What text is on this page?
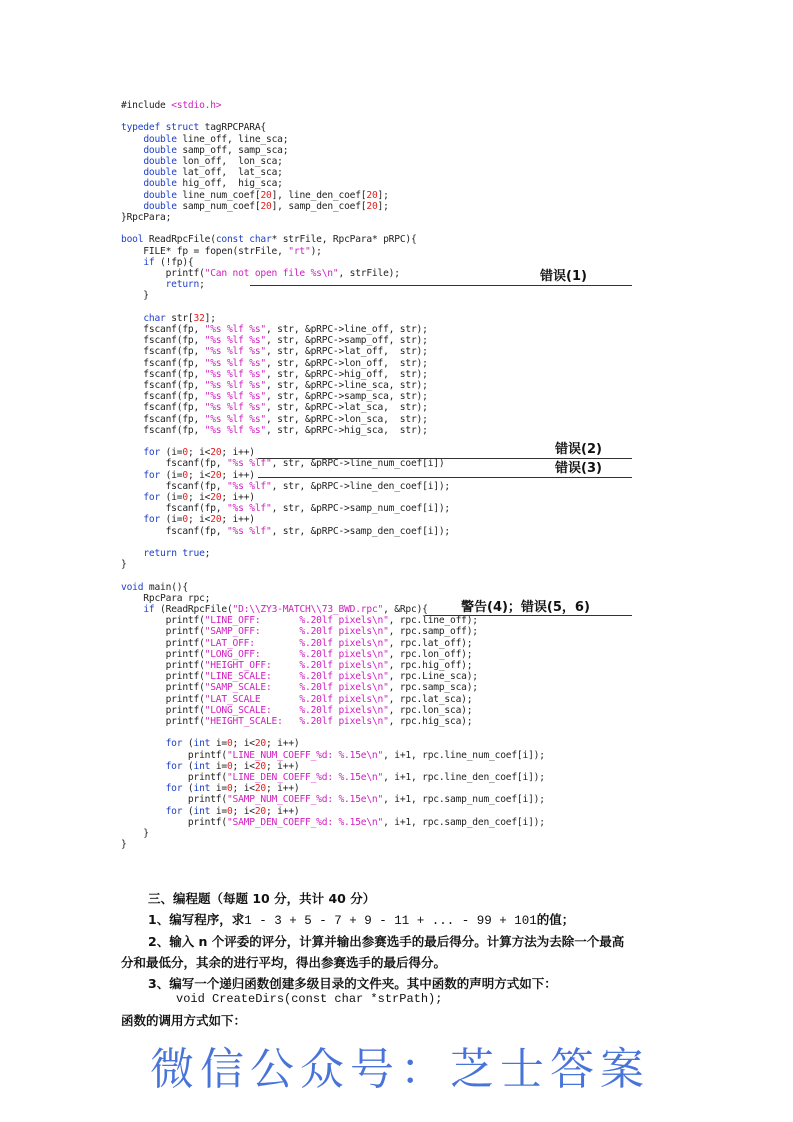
#include <stdio.h>
typedef struct tagRPCPARA{
double line_off, line_sca;
double samp_off, samp_sca;
double lon_off,  lon_sca;
double lat_off,  lat_sca;
double hig_off,  hig_sca;
double line_num_coef[20], line_den_coef[20];
double samp_num_coef[20], samp_den_coef[20];
}RpcPara;
bool ReadRpcFile(const char* strFile, RpcPara* pRPC){
FILE* fp = fopen(strFile, "rt");
if (!fp){
printf("Can not open file %s\n", strFile);
return;
}
char str[32];
fscanf(fp, "%s %lf %s", str, &pRPC->line_off, str);
fscanf(fp, "%s %lf %s", str, &pRPC->samp_off, str);
fscanf(fp, "%s %lf %s", str, &pRPC->lat_off,  str);
fscanf(fp, "%s %lf %s", str, &pRPC->lon_off,  str);
fscanf(fp, "%s %lf %s", str, &pRPC->hig_off,  str);
fscanf(fp, "%s %lf %s", str, &pRPC->line_sca, str);
fscanf(fp, "%s %lf %s", str, &pRPC->samp_sca, str);
fscanf(fp, "%s %lf %s", str, &pRPC->lat_sca,  str);
fscanf(fp, "%s %lf %s", str, &pRPC->lon_sca,  str);
fscanf(fp, "%s %lf %s", str, &pRPC->hig_sca,  str);
for (i=0; i<20; i++)
fscanf(fp, "%s %lf", str, &pRPC->line_num_coef[i])
for (i=0; i<20; i++)
fscanf(fp, "%s %lf", str, &pRPC->line_den_coef[i]);
for (i=0; i<20; i++)
fscanf(fp, "%s %lf", str, &pRPC->samp_num_coef[i]);
for (i=0; i<20; i++)
fscanf(fp, "%s %lf", str, &pRPC->samp_den_coef[i]);
return true;
}
void main(){
RpcPara rpc;
if (ReadRpcFile("D:\\ZY3-MATCH\\73_BWD.rpc", &Rpc){
printf("LINE_OFF:       %.20lf pixels\n", rpc.line_off);
printf("SAMP_OFF:       %.20lf pixels\n", rpc.samp_off);
printf("LAT_OFF:        %.20lf pixels\n", rpc.lat_off);
printf("LONG_OFF:       %.20lf pixels\n", rpc.lon_off);
printf("HEIGHT_OFF:     %.20lf pixels\n", rpc.hig_off);
printf("LINE_SCALE:     %.20lf pixels\n", rpc.Line_sca);
printf("SAMP_SCALE:     %.20lf pixels\n", rpc.samp_sca);
printf("LAT_SCALE       %.20lf pixels\n", rpc.lat_sca);
printf("LONG_SCALE:     %.20lf pixels\n", rpc.lon_sca);
printf("HEIGHT_SCALE:   %.20lf pixels\n", rpc.hig_sca);
for (int i=0; i<20; i++)
printf("LINE_NUM_COEFF_%d: %.15e\n", i+1, rpc.line_num_coef[i]);
for (int i=0; i<20; i++)
printf("LINE_DEN_COEFF_%d: %.15e\n", i+1, rpc.line_den_coef[i]);
for (int i=0; i<20; i++)
printf("SAMP_NUM_COEFF_%d: %.15e\n", i+1, rpc.samp_num_coef[i]);
for (int i=0; i<20; i++)
printf("SAMP_DEN_COEFF_%d: %.15e\n", i+1, rpc.samp_den_coef[i]);
}
}
错误(1)
错误(2)
错误(3)
警告(4)；错误(5，6)
微信公众号：芝士答案
三、编程题（每题 10 分，共计 40 分）
1、编写程序，求1 - 3 + 5 - 7 + 9 - 11 + ... - 99 + 101的值；
2、输入 n 个评委的评分，计算并输出参赛选手的最后得分。计算方法为去除一个最高
分和最低分，其余的进行平均，得出参赛选手的最后得分。
3、编写一个递归函数创建多级目录的文件夹。其中函数的声明方式如下：
void CreateDirs(const char *strPath);
函数的调用方式如下：
